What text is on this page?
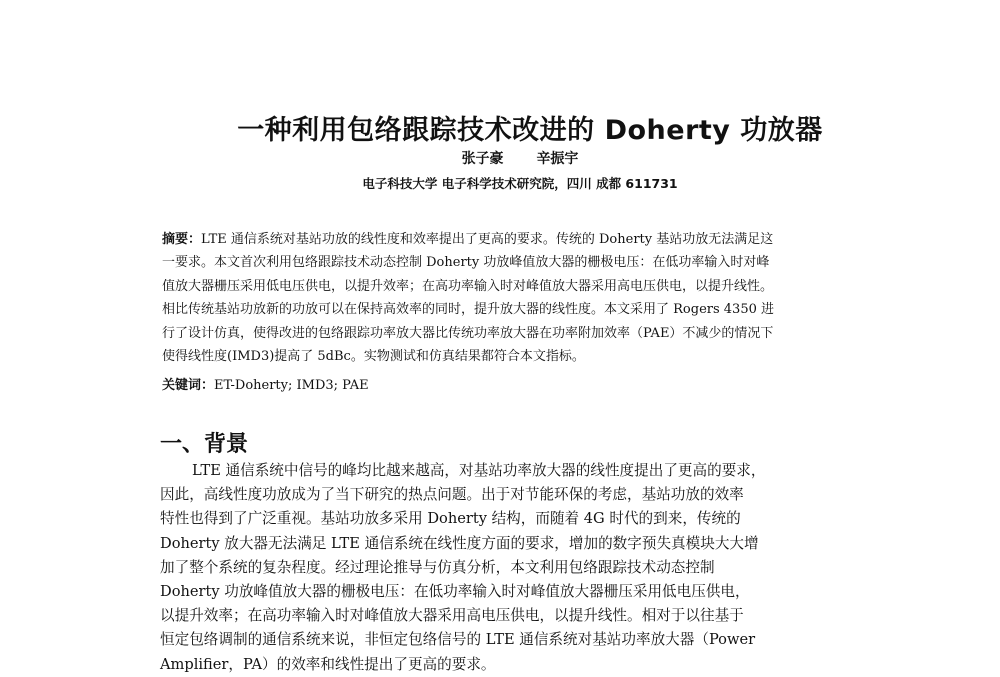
一种利用包络跟踪技术改进的 Doherty 功放器
张子豪 辛振宇
电子科技大学 电子科学技术研究院，四川 成都 611731

摘要：LTE 通信系统对基站功放的线性度和效率提出了更高的要求。传统的 Doherty 基站功放无法满足这

一要求。本文首次利用包络跟踪技术动态控制 Doherty 功放峰值放大器的栅极电压：在低功率输入时对峰

值放大器栅压采用低电压供电，以提升效率；在高功率输入时对峰值放大器采用高电压供电，以提升线性。

相比传统基站功放新的功放可以在保持高效率的同时，提升放大器的线性度。本文采用了 Rogers 4350 进

行了设计仿真，使得改进的包络跟踪功率放大器比传统功率放大器在功率附加效率（PAE）不减少的情况下

使得线性度(IMD3)提高了 5dBc。实物测试和仿真结果都符合本文指标。

关键词：ET-Doherty; IMD3; PAE
一、背景

LTE 通信系统中信号的峰均比越来越高，对基站功率放大器的线性度提出了更高的要求，

因此，高线性度功放成为了当下研究的热点问题。出于对节能环保的考虑，基站功放的效率

特性也得到了广泛重视。基站功放多采用 Doherty 结构，而随着 4G 时代的到来，传统的

Doherty 放大器无法满足 LTE 通信系统在线性度方面的要求，增加的数字预失真模块大大增

加了整个系统的复杂程度。经过理论推导与仿真分析，本文利用包络跟踪技术动态控制

Doherty 功放峰值放大器的栅极电压：在低功率输入时对峰值放大器栅压采用低电压供电，

以提升效率；在高功率输入时对峰值放大器采用高电压供电，以提升线性。相对于以往基于

恒定包络调制的通信系统来说，非恒定包络信号的 LTE 通信系统对基站功率放大器（Power

Amplifier，PA）的效率和线性提出了更高的要求。
